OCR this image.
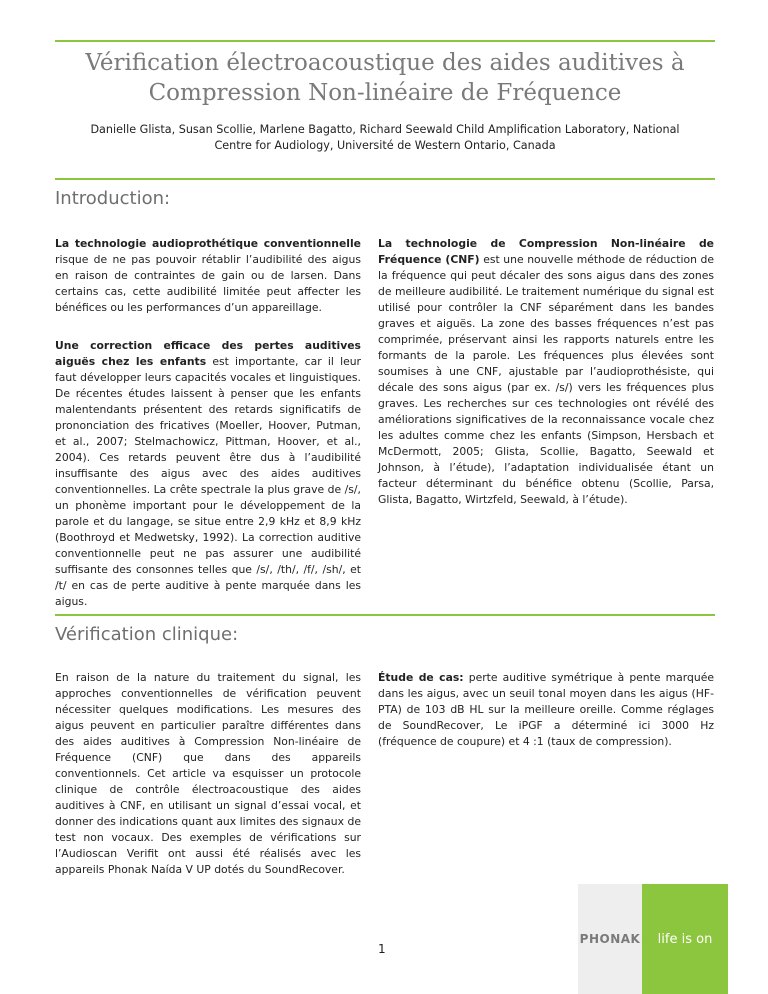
Vérification électroacoustique des aides auditives à
Compression Non-linéaire de Fréquence
Danielle Glista, Susan Scollie, Marlene Bagatto, Richard Seewald Child Amplification Laboratory, National
Centre for Audiology, Université de Western Ontario, Canada
Introduction:

La technologie audioprothétique conventionnelle risque de ne pas pouvoir rétablir l’audibilité des aigus en raison de contraintes de gain ou de larsen. Dans certains cas, cette audibilité limitée peut affecter les bénéfices ou les performances d’un appareillage.

Une correction efficace des pertes auditives aiguës chez les enfants est importante, car il leur faut développer leurs capacités vocales et linguistiques. De récentes études laissent à penser que les enfants malentendants présentent des retards significatifs de prononciation des fricatives (Moeller, Hoover, Putman, et al., 2007; Stelmachowicz, Pittman, Hoover, et al., 2004). Ces retards peuvent être dus à l’audibilité insuffisante des aigus avec des aides auditives conventionnelles. La crête spectrale la plus grave de /s/, un phonème important pour le développement de la parole et du langage, se situe entre 2,9 kHz et 8,9 kHz (Boothroyd et Medwetsky, 1992). La correction auditive conventionnelle peut ne pas assurer une audibilité suffisante des consonnes telles que /s/, /th/, /f/, /sh/, et /t/ en cas de perte auditive à pente marquée dans les aigus.

La technologie de Compression Non-linéaire de Fréquence (CNF) est une nouvelle méthode de réduction de la fréquence qui peut décaler des sons aigus dans des zones de meilleure audibilité. Le traitement numérique du signal est utilisé pour contrôler la CNF séparément dans les bandes graves et aiguës. La zone des basses fréquences n’est pas comprimée, préservant ainsi les rapports naturels entre les formants de la parole. Les fréquences plus élevées sont soumises à une CNF, ajustable par l’audioprothésiste, qui décale des sons aigus (par ex. /s/) vers les fréquences plus graves. Les recherches sur ces technologies ont révélé des améliorations significatives de la reconnaissance vocale chez les adultes comme chez les enfants (Simpson, Hersbach et McDermott, 2005; Glista, Scollie, Bagatto, Seewald et Johnson, à l’étude), l’adaptation individualisée étant un facteur déterminant du bénéfice obtenu (Scollie, Parsa, Glista, Bagatto, Wirtzfeld, Seewald, à l’étude).

Vérification clinique:

En raison de la nature du traitement du signal, les approches conventionnelles de vérification peuvent nécessiter quelques modifications. Les mesures des aigus peuvent en particulier paraître différentes dans des aides auditives à Compression Non-linéaire de Fréquence (CNF) que dans des appareils conventionnels. Cet article va esquisser un protocole clinique de contrôle électroacoustique des aides auditives à CNF, en utilisant un signal d’essai vocal, et donner des indications quant aux limites des signaux de test non vocaux. Des exemples de vérifications sur l’Audioscan Verifit ont aussi été réalisés avec les appareils Phonak Naída V UP dotés du SoundRecover.

Étude de cas: perte auditive symétrique à pente marquée dans les aigus, avec un seuil tonal moyen dans les aigus (HF-PTA) de 103 dB HL sur la meilleure oreille. Comme réglages de SoundRecover, Le iPGF a déterminé ici 3000 Hz (fréquence de coupure) et 4 :1 (taux de compression).

1
PHONAK	life is on
